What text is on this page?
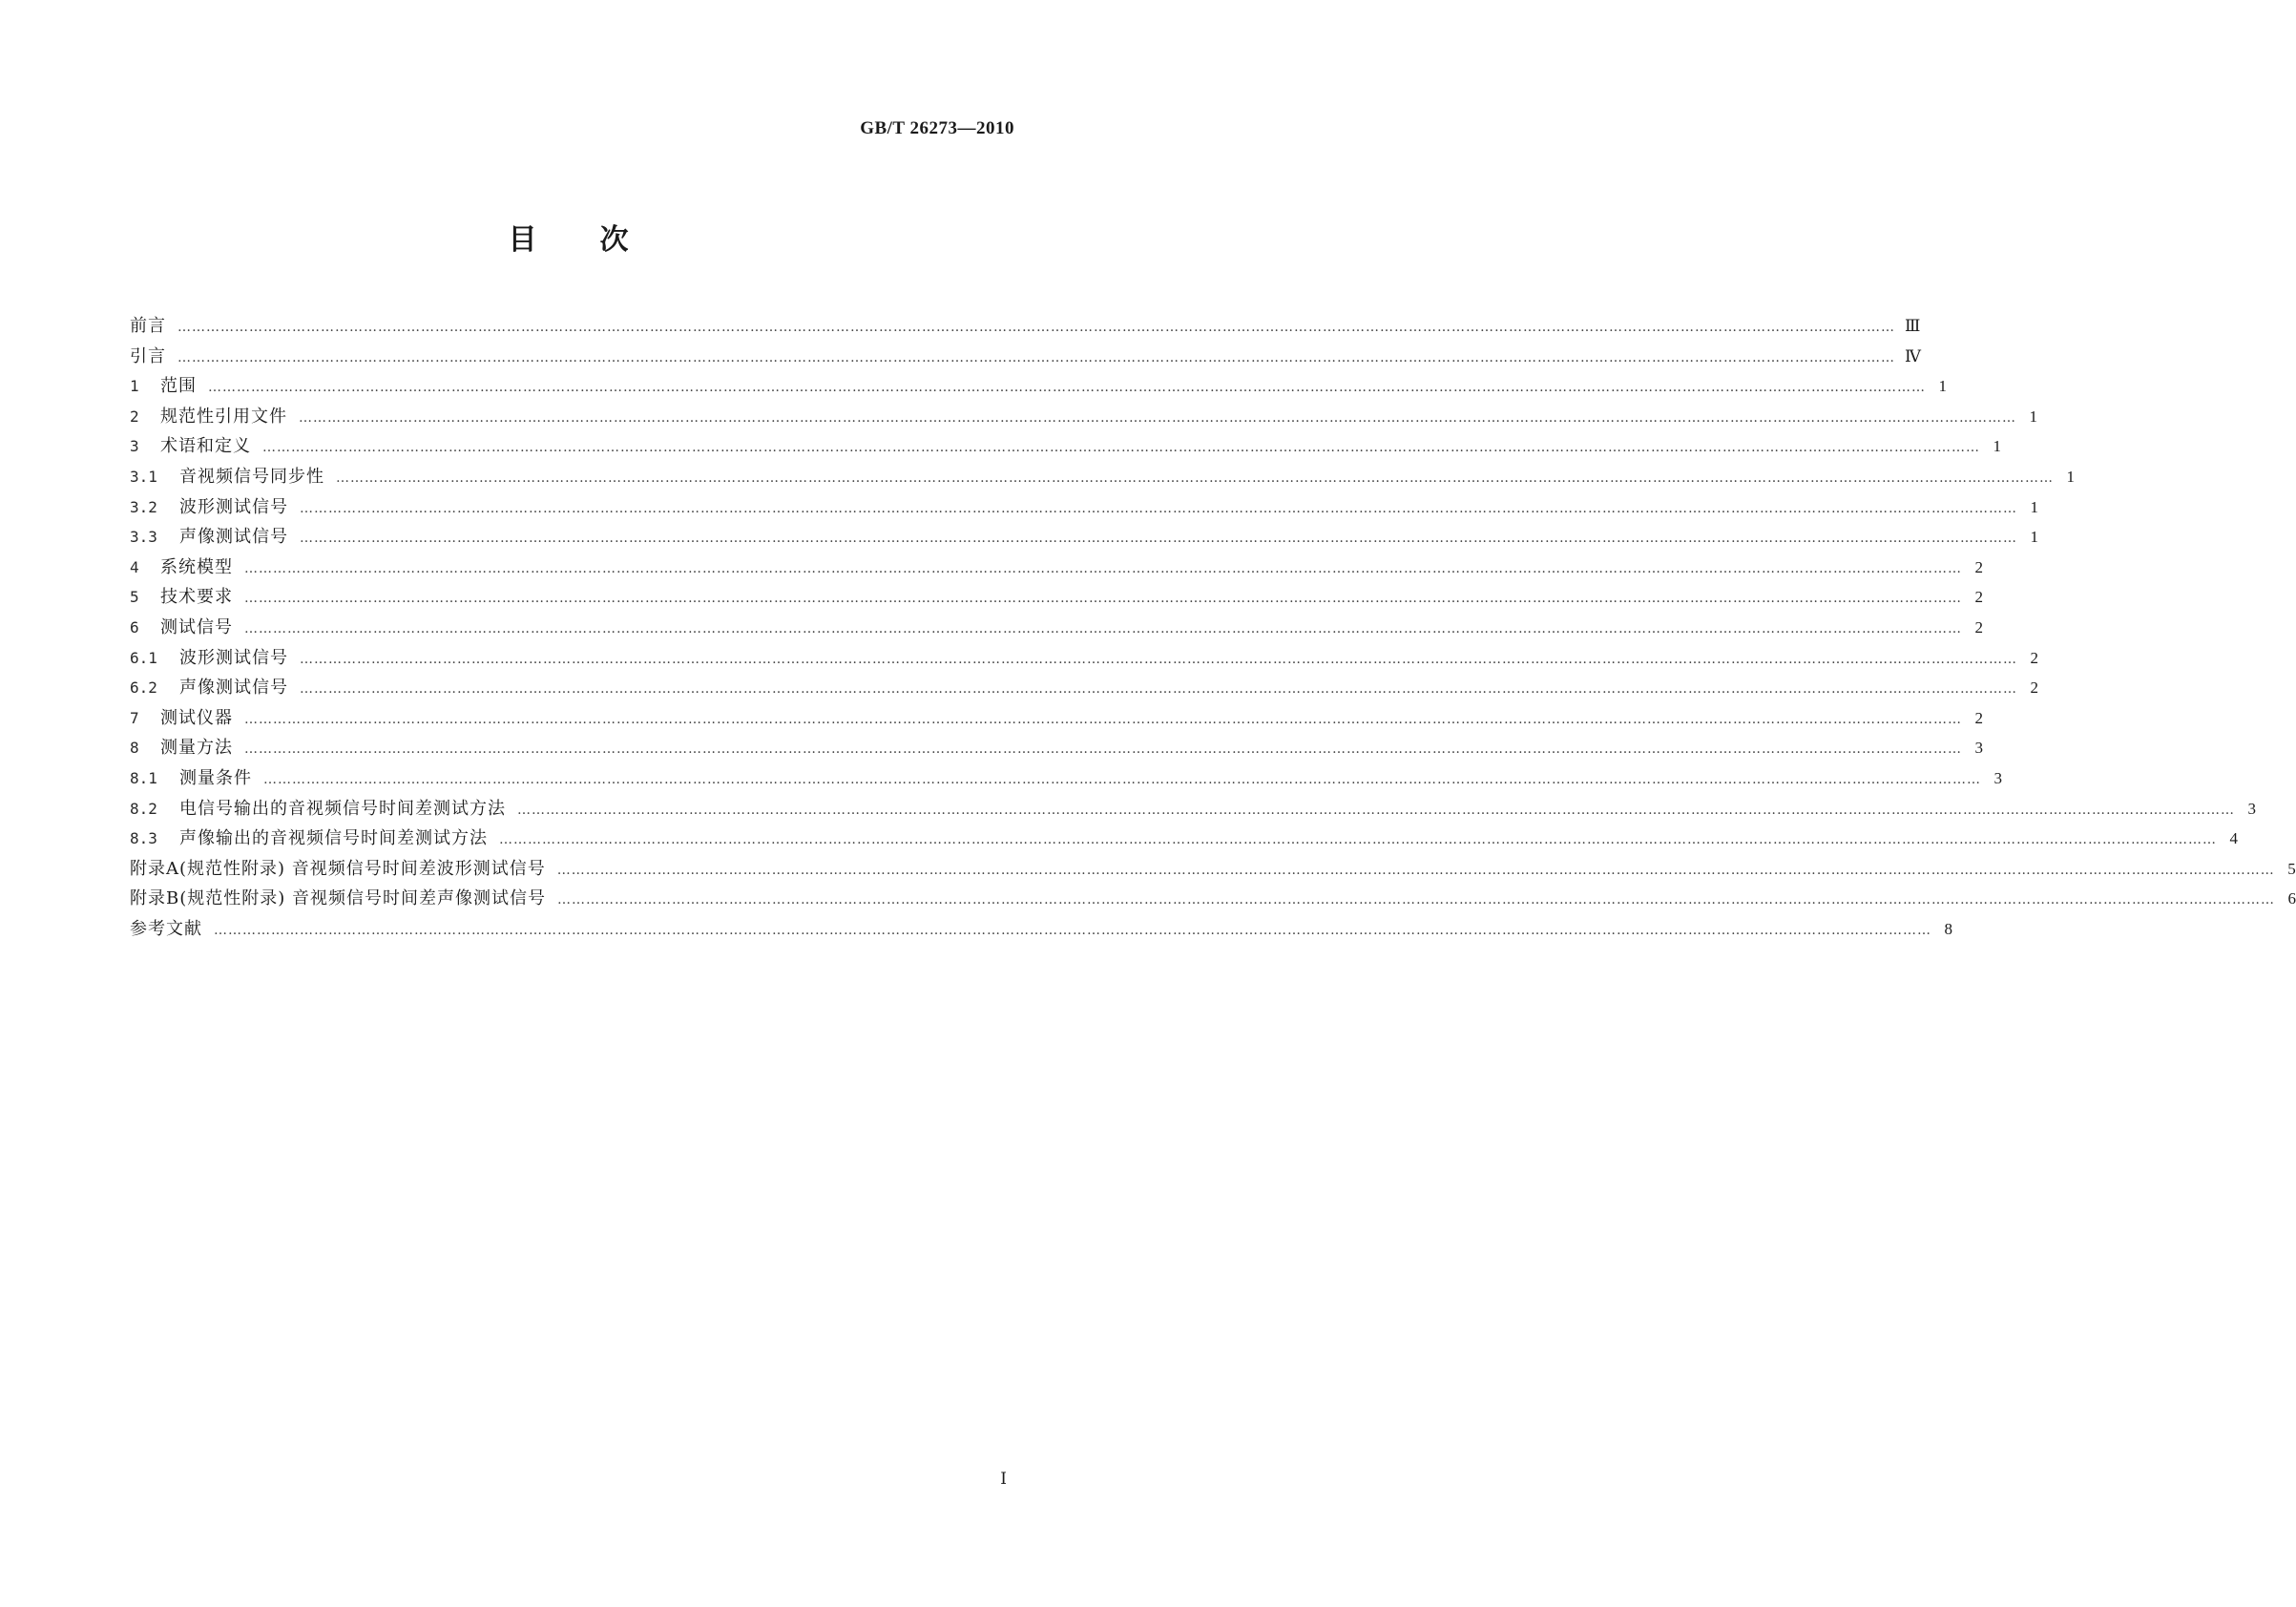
GB/T 26273—2010
目次
前言 ……………………………………………………………………………………………………………………………………………………………………………………………………………………………………………………………………………………………………………………………… Ⅲ
引言 ……………………………………………………………………………………………………………………………………………………………………………………………………………………………………………………………………………………………………………………………… Ⅳ
1	范围 ……………………………………………………………………………………………………………………………………………………………………………………………………………………………………………………………………………………………………………………………… 1
2	规范性引用文件 ……………………………………………………………………………………………………………………………………………………………………………………………………………………………………………………………………………………………………………………………… 1
3	术语和定义 ……………………………………………………………………………………………………………………………………………………………………………………………………………………………………………………………………………………………………………………………… 1
3.1	音视频信号同步性 ……………………………………………………………………………………………………………………………………………………………………………………………………………………………………………………………………………………………………………………………… 1
3.2	波形测试信号 ……………………………………………………………………………………………………………………………………………………………………………………………………………………………………………………………………………………………………………………………… 1
3.3	声像测试信号 ……………………………………………………………………………………………………………………………………………………………………………………………………………………………………………………………………………………………………………………………… 1
4	系统模型 ……………………………………………………………………………………………………………………………………………………………………………………………………………………………………………………………………………………………………………………………… 2
5	技术要求 ……………………………………………………………………………………………………………………………………………………………………………………………………………………………………………………………………………………………………………………………… 2
6	测试信号 ……………………………………………………………………………………………………………………………………………………………………………………………………………………………………………………………………………………………………………………………… 2
6.1	波形测试信号 ……………………………………………………………………………………………………………………………………………………………………………………………………………………………………………………………………………………………………………………………… 2
6.2	声像测试信号 ……………………………………………………………………………………………………………………………………………………………………………………………………………………………………………………………………………………………………………………………… 2
7	测试仪器 ……………………………………………………………………………………………………………………………………………………………………………………………………………………………………………………………………………………………………………………………… 2
8	测量方法 ……………………………………………………………………………………………………………………………………………………………………………………………………………………………………………………………………………………………………………………………… 3
8.1	测量条件 ……………………………………………………………………………………………………………………………………………………………………………………………………………………………………………………………………………………………………………………………… 3
8.2	电信号输出的音视频信号时间差测试方法 ……………………………………………………………………………………………………………………………………………………………………………………………………………………………………………………………………………………………………………………………… 3
8.3	声像输出的音视频信号时间差测试方法 ……………………………………………………………………………………………………………………………………………………………………………………………………………………………………………………………………………………………………………………………… 4
附录A(规范性附录) 音视频信号时间差波形测试信号 ……………………………………………………………………………………………………………………………………………………………………………………………………………………………………………………………………………………………………………………………… 5
附录B(规范性附录) 音视频信号时间差声像测试信号 ……………………………………………………………………………………………………………………………………………………………………………………………………………………………………………………………………………………………………………………………… 6
参考文献 ……………………………………………………………………………………………………………………………………………………………………………………………………………………………………………………………………………………………………………………………… 8
Ⅰ
